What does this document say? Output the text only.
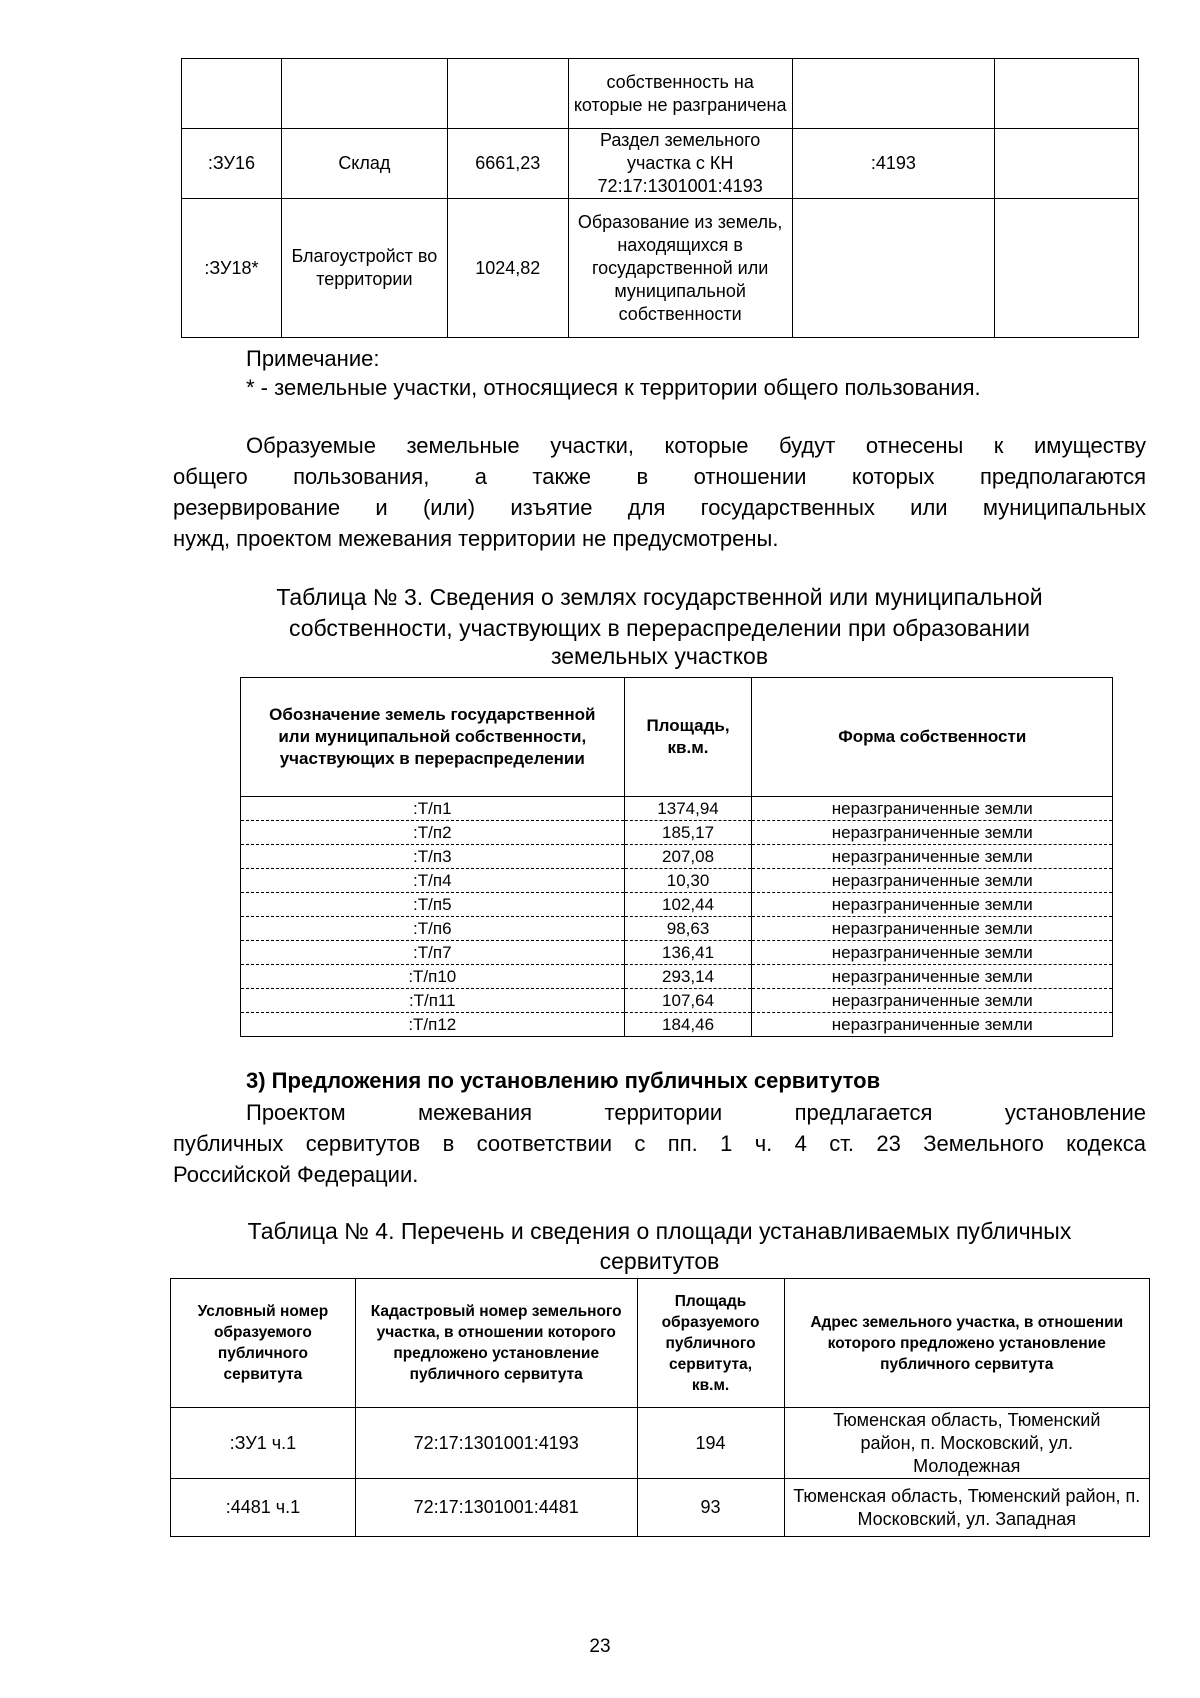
			собственность на которые не разграничена		
:ЗУ16	Склад	6661,23	Раздел земельного участка с КН 72:17:1301001:4193	:4193	
:ЗУ18*	Благоустройст во территории	1024,82	Образование из земель, находящихся в государственной или муниципальной собственности		
Примечание:
* - земельные участки, относящиеся к территории общего пользования.
Образуемые земельные участки, которые будут отнесены к имуществу
общего пользования, а также в отношении которых предполагаются
резервирование и (или) изъятие для государственных или муниципальных
нужд, проектом межевания территории не предусмотрены.
Таблица № 3. Сведения о землях государственной или муниципальной
собственности, участвующих в перераспределении при образовании
земельных участков
Обозначение земель государственной или муниципальной собственности, участвующих в перераспределении	Площадь, кв.м.	Форма собственности
:Т/п1	1374,94	неразграниченные земли
:Т/п2	185,17	неразграниченные земли
:Т/п3	207,08	неразграниченные земли
:Т/п4	10,30	неразграниченные земли
:Т/п5	102,44	неразграниченные земли
:Т/п6	98,63	неразграниченные земли
:Т/п7	136,41	неразграниченные земли
:Т/п10	293,14	неразграниченные земли
:Т/п11	107,64	неразграниченные земли
:Т/п12	184,46	неразграниченные земли
3) Предложения по установлению публичных сервитутов
Проектом межевания территории предлагается установление
публичных сервитутов в соответствии с пп. 1 ч. 4 ст. 23 Земельного кодекса
Российской Федерации.
Таблица № 4. Перечень и сведения о площади устанавливаемых публичных
сервитутов
Условный номер образуемого публичного сервитута	Кадастровый номер земельного участка, в отношении которого предложено установление публичного сервитута	Площадь образуемого публичного сервитута, кв.м.	Адрес земельного участка, в отношении которого предложено установление публичного сервитута
:ЗУ1 ч.1	72:17:1301001:4193	194	Тюменская область, Тюменский район, п. Московский, ул. Молодежная
:4481 ч.1	72:17:1301001:4481	93	Тюменская область, Тюменский район, п. Московский, ул. Западная
23
